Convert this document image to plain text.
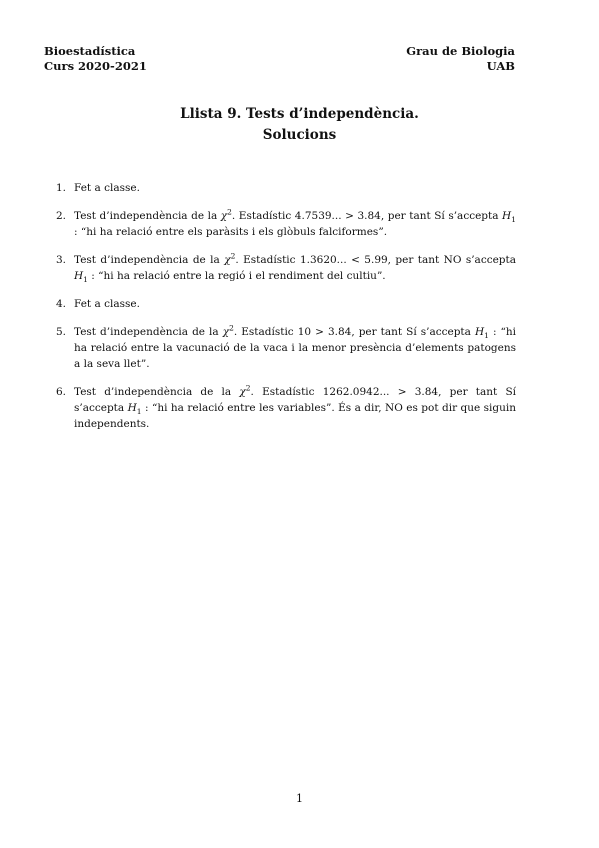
Bioestadística
Curs 2020-2021
Grau de Biologia
UAB
Llista 9. Tests d’independència.
Solucions
1. Fet a classe.
2. Test d’independència de la $\chi^2$. Estadístic 4.7539... > 3.84, per tant Sí s’accepta $H_1$ : “hi ha relació entre els paràsits i els glòbuls falciformes”.
3. Test d’independència de la $\chi^2$. Estadístic 1.3620... < 5.99, per tant NO s’accepta $H_1$ : “hi ha relació entre la regió i el rendiment del cultiu”.
4. Fet a classe.
5. Test d’independència de la $\chi^2$. Estadístic 10 > 3.84, per tant Sí s’accepta $H_1$ : “hi ha relació entre la vacunació de la vaca i la menor presència d’elements patogens a la seva llet”.
6. Test d’independència de la $\chi^2$. Estadístic 1262.0942... > 3.84, per tant Sí s’accepta $H_1$ : “hi ha relació entre les variables”. És a dir, NO es pot dir que siguin independents.
1
